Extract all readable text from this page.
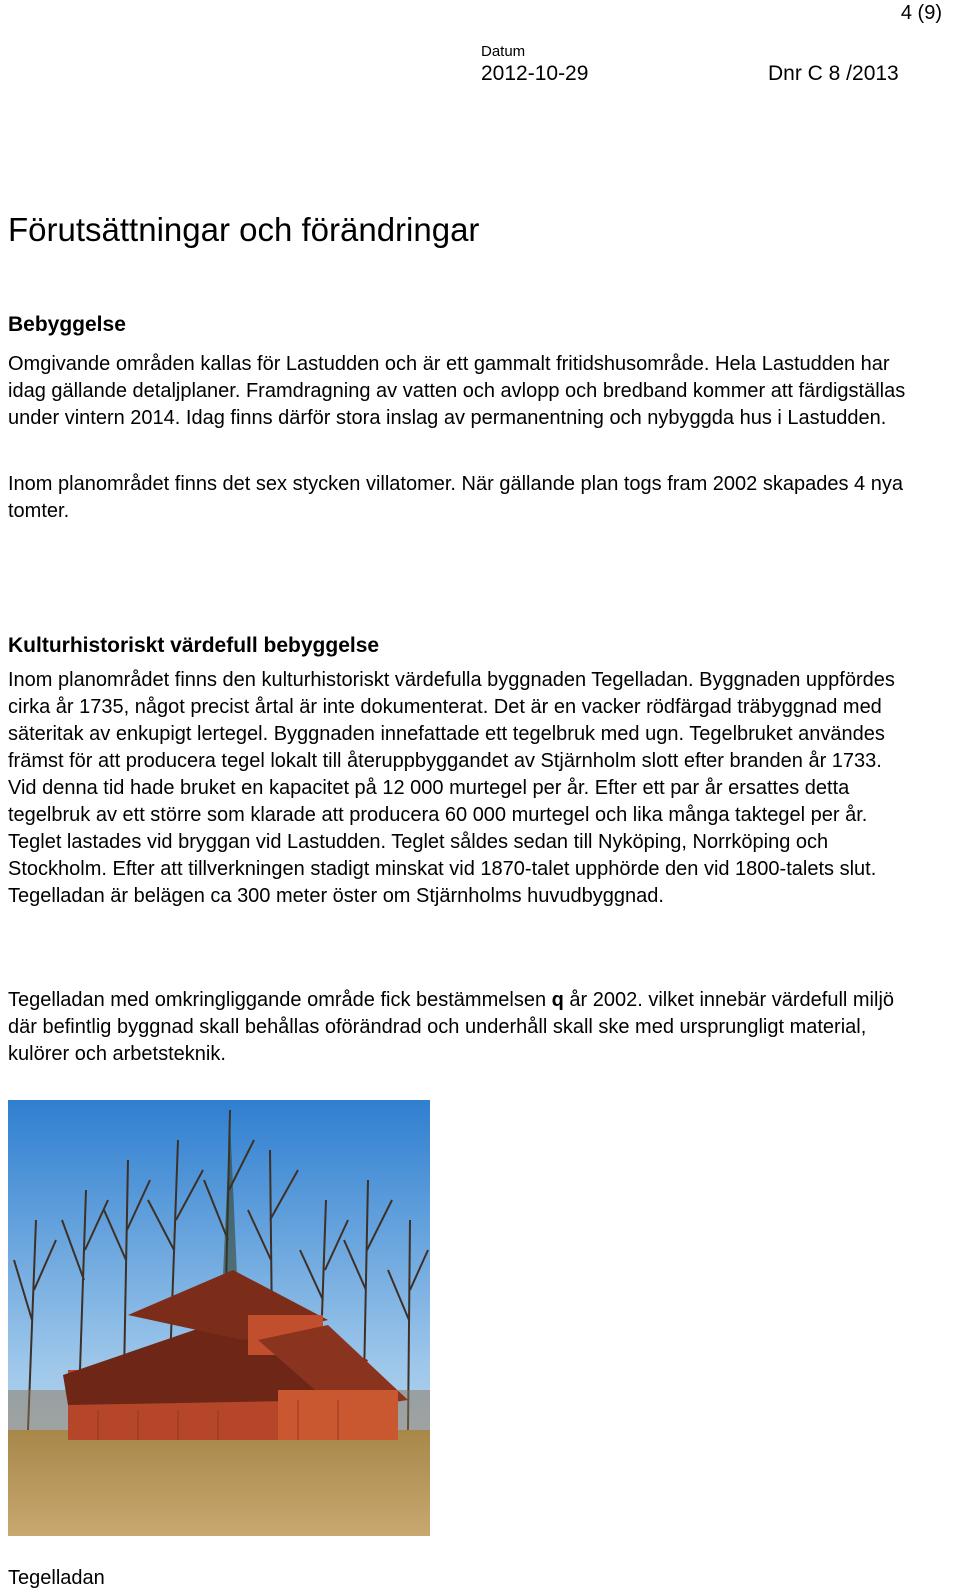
4 (9)
Datum
2012-10-29	Dnr C 8 /2013
Förutsättningar och förändringar
Bebyggelse

Omgivande områden kallas för Lastudden och är ett gammalt fritidshusområde. Hela Lastudden har idag gällande detaljplaner. Framdragning av vatten och avlopp och bredband kommer att färdigställas under vintern 2014. Idag finns därför stora inslag av permanentning och nybyggda hus i Lastudden.

Inom planområdet finns det sex stycken villatomer. När gällande plan togs fram 2002 skapades 4 nya tomter.

Kulturhistoriskt värdefull bebyggelse

Inom planområdet finns den kulturhistoriskt värdefulla byggnaden Tegelladan. Byggnaden uppfördes cirka år 1735, något precist årtal är inte dokumenterat. Det är en vacker rödfärgad träbyggnad med säteritak av enkupigt lertegel. Byggnaden innefattade ett tegelbruk med ugn. Tegelbruket användes främst för att producera tegel lokalt till återuppbyggandet av Stjärnholm slott efter branden år 1733. Vid denna tid hade bruket en kapacitet på 12 000 murtegel per år. Efter ett par år ersattes detta tegelbruk av ett större som klarade att producera 60 000 murtegel och lika många taktegel per år. Teglet lastades vid bryggan vid Lastudden. Teglet såldes sedan till Nyköping, Norrköping och Stockholm. Efter att tillverkningen stadigt minskat vid 1870-talet upphörde den vid 1800-talets slut. Tegelladan är belägen ca 300 meter öster om Stjärnholms huvudbyggnad.

Tegelladan med omkringliggande område fick bestämmelsen q år 2002. vilket innebär värdefull miljö där befintlig byggnad skall behållas oförändrad och underhåll skall ske med ursprungligt material, kulörer och arbetsteknik.

Tegelladan
